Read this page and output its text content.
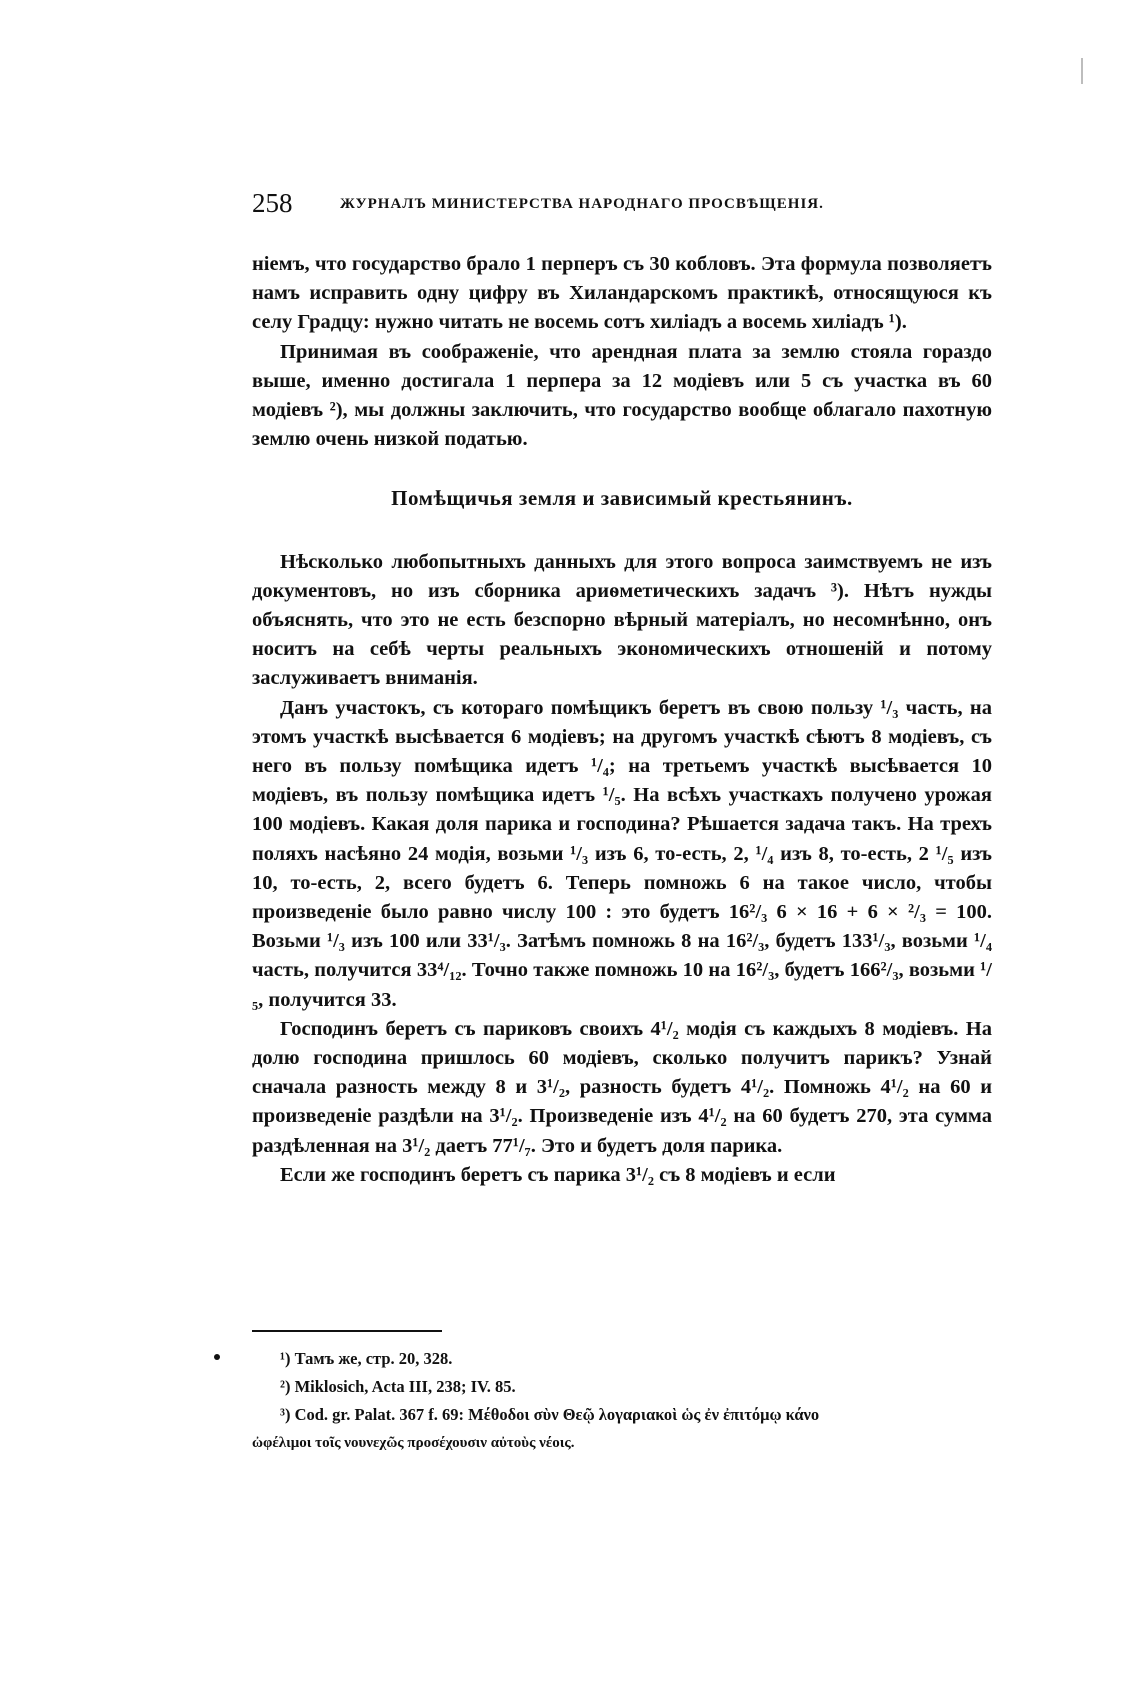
258	ЖУРНАЛЪ МИНИСТЕРСТВА НАРОДНАГО ПРОСВѢЩЕНІЯ.

ніемъ, что государство брало 1 перперъ съ 30 кобловъ. Эта формула позволяетъ намъ исправить одну цифру въ Хиландарскомъ практикѣ, относящуюся къ селу Градцу: нужно читать не восемь сотъ хиліадъ а восемь хиліадъ ¹).

Принимая въ соображеніе, что арендная плата за землю стояла гораздо выше, именно достигала 1 перпера за 12 модіевъ или 5 съ участка въ 60 модіевъ ²), мы должны заключить, что государство вообще облагало пахотную землю очень низкой податью.

Помѣщичья земля и зависимый крестьянинъ.

Нѣсколько любопытныхъ данныхъ для этого вопроса заимствуемъ не изъ документовъ, но изъ сборника ариѳметическихъ задачъ ³). Нѣтъ нужды объяснять, что это не есть безспорно вѣрный матеріалъ, но несомнѣнно, онъ носитъ на себѣ черты реальныхъ экономическихъ отношеній и потому заслуживаетъ вниманія.

Данъ участокъ, съ котораго помѣщикъ беретъ въ свою пользу ¹/₃ часть, на этомъ участкѣ высѣвается 6 модіевъ; на другомъ участкѣ сѣютъ 8 модіевъ, съ него въ пользу помѣщика идетъ ¹/₄; на третьемъ участкѣ высѣвается 10 модіевъ, въ пользу помѣщика идетъ ¹/₅. На всѣхъ участкахъ получено урожая 100 модіевъ. Какая доля парика и господина? Рѣшается задача такъ. На трехъ поляхъ насѣяно 24 модія, возьми ¹/₃ изъ 6, то-есть, 2, ¹/₄ изъ 8, то-есть, 2 ¹/₅ изъ 10, то-есть, 2, всего будетъ 6. Теперь помножь 6 на такое число, чтобы произведеніе было равно числу 100 : это будетъ 16²/₃ 6 × 16 + 6 × ²/₃ = 100. Возьми ¹/₃ изъ 100 или 33¹/₃. Затѣмъ помножь 8 на 16²/₃, будетъ 133¹/₃, возьми ¹/₄ часть, получится 33⁴/₁₂. Точно также помножь 10 на 16²/₃, будетъ 166²/₃, возьми ¹/₅, получится 33.

Господинъ беретъ съ париковъ своихъ 4¹/₂ модія съ каждыхъ 8 модіевъ. На долю господина пришлось 60 модіевъ, сколько получитъ парикъ? Узнай сначала разность между 8 и 3¹/₂, разность будетъ 4¹/₂. Помножь 4¹/₂ на 60 и произведеніе раздѣли на 3¹/₂. Произведеніе изъ 4¹/₂ на 60 будетъ 270, эта сумма раздѣленная на 3¹/₂ даетъ 77¹/₇. Это и будетъ доля парика.

Если же господинъ беретъ съ парика 3¹/₂ съ 8 модіевъ и если

¹) Тамъ же, стр. 20, 328.

²) Miklosich, Acta III, 238; IV. 85.

³) Cod. gr. Palat. 367 f. 69: Μέθοδοι σὺν Θεῷ λογαριακοὶ ὡς ἐν ἐπιτόμῳ κάνο

ὠφέλιμοι τοῖς νουνεχῶς προσέχουσιν αὐτοὺς νέοις.
